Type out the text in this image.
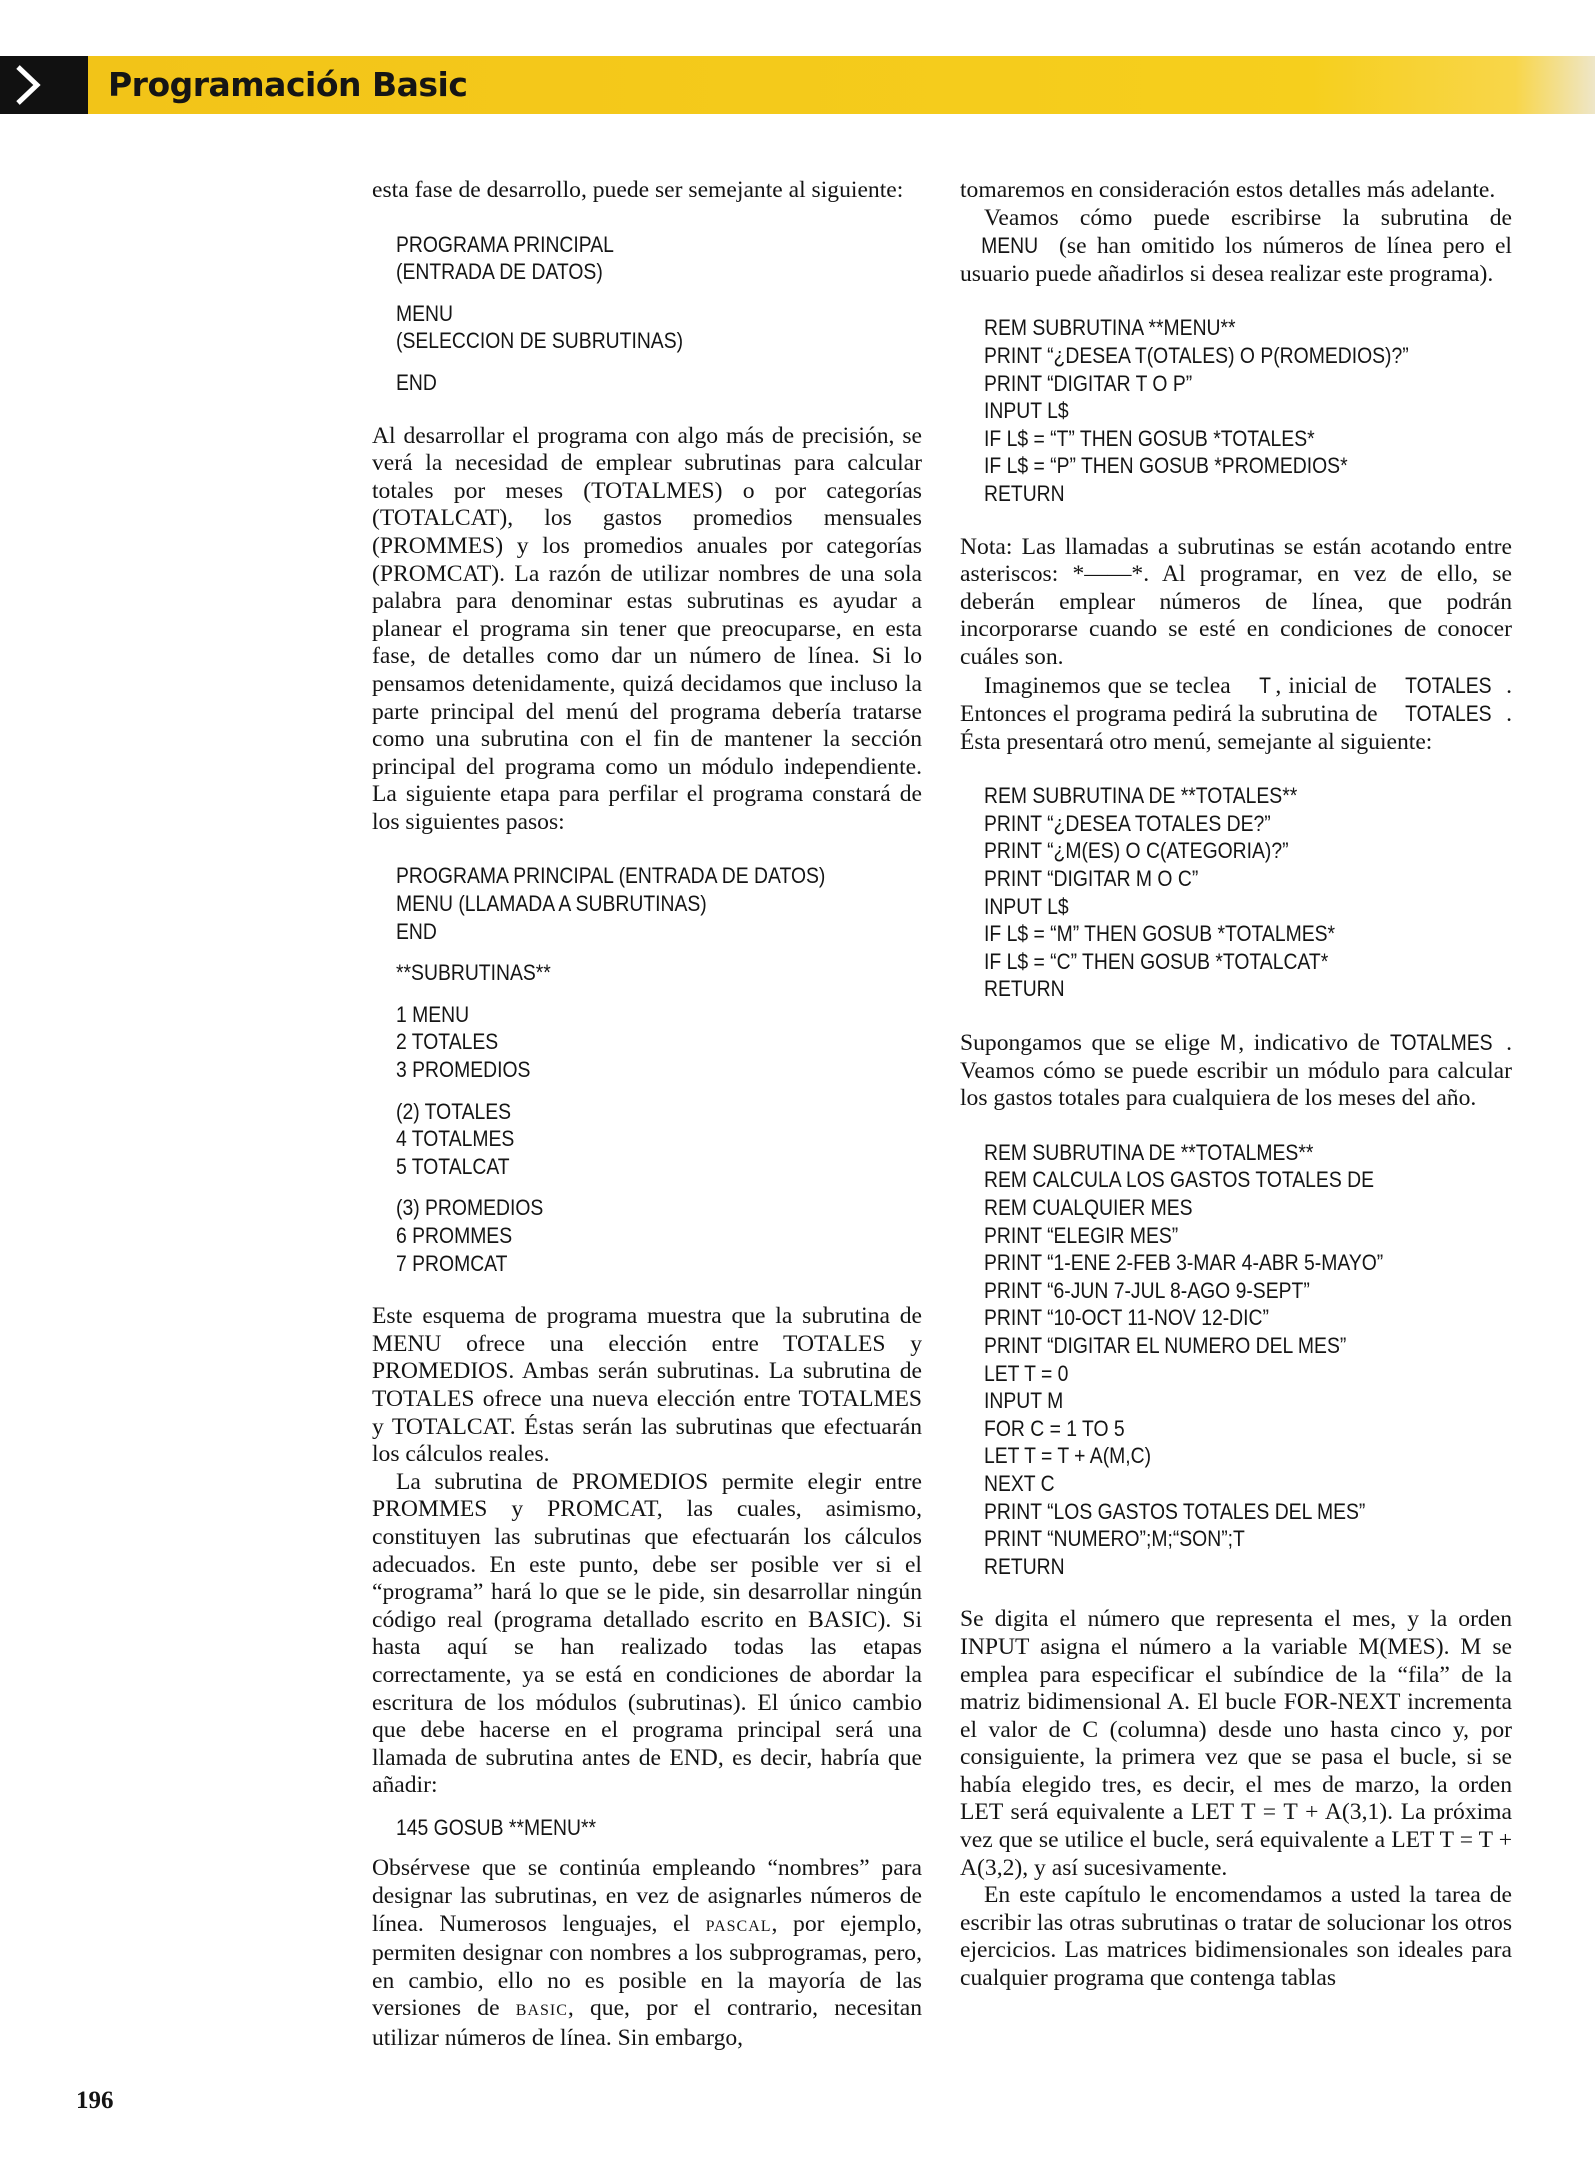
Programación Basic

esta fase de desarrollo, puede ser semejante al siguiente:

PROGRAMA PRINCIPAL
(ENTRADA DE DATOS)
MENU
(SELECCION DE SUBRUTINAS)
END

Al desarrollar el programa con algo más de precisión, se verá la necesidad de emplear subrutinas para calcular totales por meses (TOTALMES) o por categorías (TOTALCAT), los gastos promedios mensuales (PROMMES) y los promedios anuales por categorías (PROMCAT). La razón de utilizar nombres de una sola palabra para denominar estas subrutinas es ayudar a planear el programa sin tener que preocuparse, en esta fase, de detalles como dar un número de línea. Si lo pensamos detenidamente, quizá decidamos que incluso la parte principal del menú del programa debería tratarse como una subrutina con el fin de mantener la sección principal del programa como un módulo independiente. La siguiente etapa para perfilar el programa constará de los siguientes pasos:

PROGRAMA PRINCIPAL (ENTRADA DE DATOS)
MENU (LLAMADA A SUBRUTINAS)
END
**SUBRUTINAS**
1 MENU
2 TOTALES
3 PROMEDIOS
(2) TOTALES
4 TOTALMES
5 TOTALCAT
(3) PROMEDIOS
6 PROMMES
7 PROMCAT

Este esquema de programa muestra que la subrutina de MENU ofrece una elección entre TOTALES y PROMEDIOS. Ambas serán subrutinas. La subrutina de TOTALES ofrece una nueva elección entre TOTALMES y TOTALCAT. Éstas serán las subrutinas que efectuarán los cálculos reales.

La subrutina de PROMEDIOS permite elegir entre PROMMES y PROMCAT, las cuales, asimismo, constituyen las subrutinas que efectuarán los cálculos adecuados. En este punto, debe ser posible ver si el “programa” hará lo que se le pide, sin desarrollar ningún código real (programa detallado escrito en BASIC). Si hasta aquí se han realizado todas las etapas correctamente, ya se está en condiciones de abordar la escritura de los módulos (subrutinas). El único cambio que debe hacerse en el programa principal será una llamada de subrutina antes de END, es decir, habría que añadir:

145 GOSUB **MENU**

Obsérvese que se continúa empleando “nombres” para designar las subrutinas, en vez de asignarles números de línea. Numerosos lenguajes, el PASCAL, por ejemplo, permiten designar con nombres a los subprogramas, pero, en cambio, ello no es posible en la mayoría de las versiones de BASIC, que, por el contrario, necesitan utilizar números de línea. Sin embargo,

tomaremos en consideración estos detalles más adelante.

Veamos cómo puede escribirse la subrutina de MENU (se han omitido los números de línea pero el usuario puede añadirlos si desea realizar este programa).

REM SUBRUTINA **MENU**
PRINT “¿DESEA T(OTALES) O P(ROMEDIOS)?”
PRINT “DIGITAR T O P”
INPUT L$
IF L$ = “T” THEN GOSUB *TOTALES*
IF L$ = “P” THEN GOSUB *PROMEDIOS*
RETURN

Nota: Las llamadas a subrutinas se están acotando entre asteriscos: *——*. Al programar, en vez de ello, se deberán emplear números de línea, que podrán incorporarse cuando se esté en condiciones de conocer cuáles son.

Imaginemos que se teclea T , inicial de TOTALES . Entonces el programa pedirá la subrutina de TOTALES . Ésta presentará otro menú, semejante al siguiente:

REM SUBRUTINA DE **TOTALES**
PRINT “¿DESEA TOTALES DE?”
PRINT “¿M(ES) O C(ATEGORIA)?”
PRINT “DIGITAR M O C”
INPUT L$
IF L$ = “M” THEN GOSUB *TOTALMES*
IF L$ = “C” THEN GOSUB *TOTALCAT*
RETURN

Supongamos que se elige M, indicativo de TOTALMES . Veamos cómo se puede escribir un módulo para calcular los gastos totales para cualquiera de los meses del año.

REM SUBRUTINA DE **TOTALMES**
REM CALCULA LOS GASTOS TOTALES DE
REM CUALQUIER MES
PRINT “ELEGIR MES”
PRINT “1-ENE 2-FEB 3-MAR 4-ABR 5-MAYO”
PRINT “6-JUN 7-JUL 8-AGO 9-SEPT”
PRINT “10-OCT 11-NOV 12-DIC”
PRINT “DIGITAR EL NUMERO DEL MES”
LET T = 0
INPUT M
FOR C = 1 TO 5
LET T = T + A(M,C)
NEXT C
PRINT “LOS GASTOS TOTALES DEL MES”
PRINT “NUMERO”;M;“SON”;T
RETURN

Se digita el número que representa el mes, y la orden INPUT asigna el número a la variable M(MES). M se emplea para especificar el subíndice de la “fila” de la matriz bidimensional A. El bucle FOR-NEXT incrementa el valor de C (columna) desde uno hasta cinco y, por consiguiente, la primera vez que se pasa el bucle, si se había elegido tres, es decir, el mes de marzo, la orden LET será equivalente a LET T = T + A(3,1). La próxima vez que se utilice el bucle, será equivalente a LET T = T + A(3,2), y así sucesivamente.

En este capítulo le encomendamos a usted la tarea de escribir las otras subrutinas o tratar de solucionar los otros ejercicios. Las matrices bidimensionales son ideales para cualquier programa que contenga tablas

196
